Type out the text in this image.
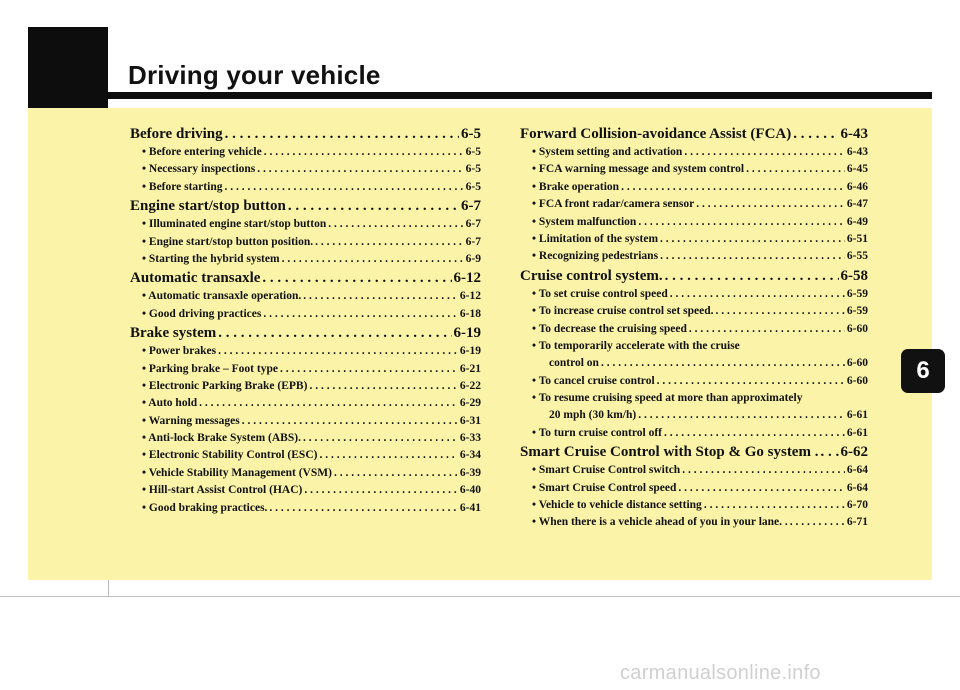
Driving your vehicle
Before driving . . .	6-5
• Before entering vehicle . . .	6-5
• Necessary inspections . . .	6-5
• Before starting . . .	6-5
Engine start/stop button . . .	6-7
• Illuminated engine start/stop button . . .	6-7
• Engine start/stop button position. . . .	6-7
• Starting the hybrid system . . .	6-9
Automatic transaxle . . .	6-12
• Automatic transaxle operation. . . .	6-12
• Good driving practices . . .	6-18
Brake system . . .	6-19
• Power brakes . . .	6-19
• Parking brake – Foot type . . .	6-21
• Electronic Parking Brake (EPB) . . .	6-22
• Auto hold . . .	6-29
• Warning messages . . .	6-31
• Anti-lock Brake System (ABS). . . .	6-33
• Electronic Stability Control (ESC) . . .	6-34
• Vehicle Stability Management (VSM) . . .	6-39
• Hill-start Assist Control (HAC) . . .	6-40
• Good braking practices. . . .	6-41
Forward Collision-avoidance Assist (FCA) . . .	6-43
• System setting and activation . . .	6-43
• FCA warning message and system control . . .	6-45
• Brake operation . . .	6-46
• FCA front radar/camera sensor . . .	6-47
• System malfunction . . .	6-49
• Limitation of the system . . .	6-51
• Recognizing pedestrians . . .	6-55
Cruise control system. . . .	6-58
• To set cruise control speed . . .	6-59
• To increase cruise control set speed. . . .	6-59
• To decrease the cruising speed . . .	6-60
• To temporarily accelerate with the cruise
control on . . .	6-60
• To cancel cruise control . . .	6-60
• To resume cruising speed at more than approximately
20 mph (30 km/h) . . .	6-61
• To turn cruise control off . . .	6-61
Smart Cruise Control with Stop & Go system . . . . 6-62
• Smart Cruise Control switch . . .	6-64
• Smart Cruise Control speed . . .	6-64
• Vehicle to vehicle distance setting . . .	6-70
• When there is a vehicle ahead of you in your lane. . . . .	6-71
6
carmanualsonline.info
